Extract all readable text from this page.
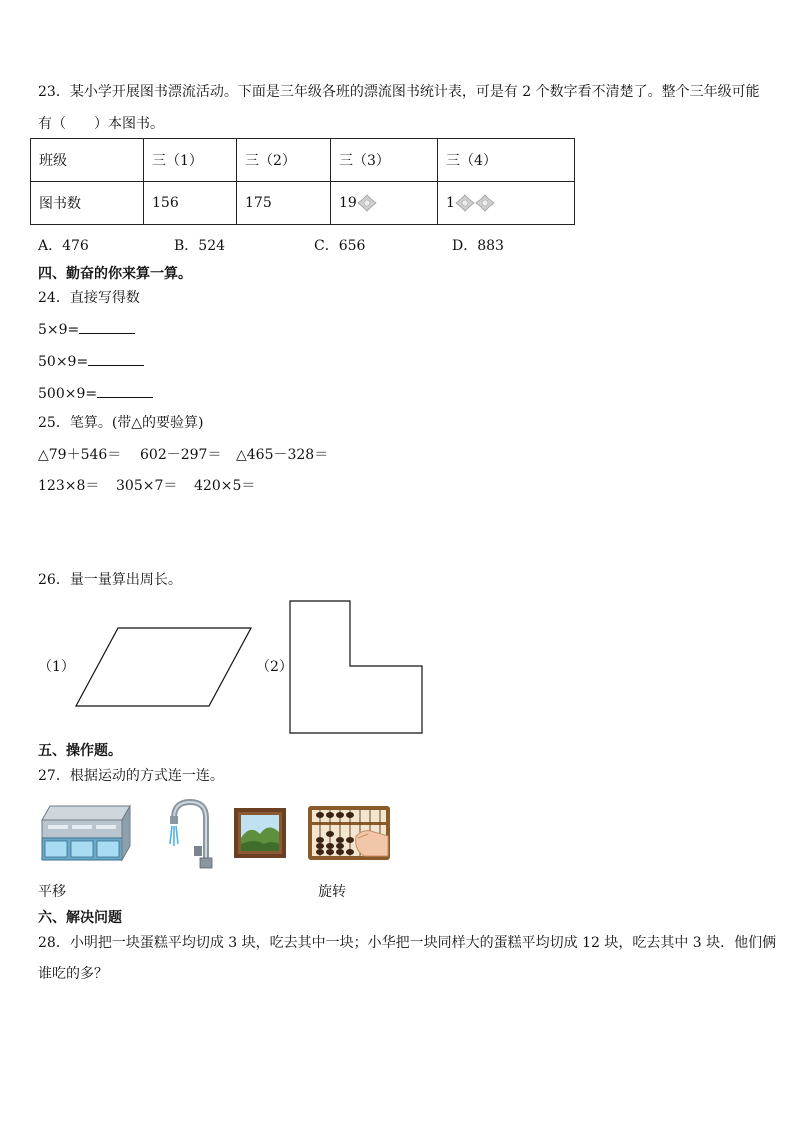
23．某小学开展图书漂流活动。下面是三年级各班的漂流图书统计表，可是有 2 个数字看不清楚了。整个三年级可能
有（　　）本图书。
班级	三（1）	三（2）	三（3）	三（4）
图书数	156	175	19	1
A．476	B．524	C．656	D．883
四、勤奋的你来算一算。
24．直接写得数
5×9=
50×9=
500×9=
25．笔算。(带△的要验算)
△79＋546＝ 602－297＝ △465－328＝
123×8＝ 305×7＝ 420×5＝
26．量一量算出周长。
（1）	（2）
五、操作题。
27．根据运动的方式连一连。
平移	旋转
六、解决问题
28．小明把一块蛋糕平均切成 3 块，吃去其中一块；小华把一块同样大的蛋糕平均切成 12 块，吃去其中 3 块．他们俩
谁吃的多？
